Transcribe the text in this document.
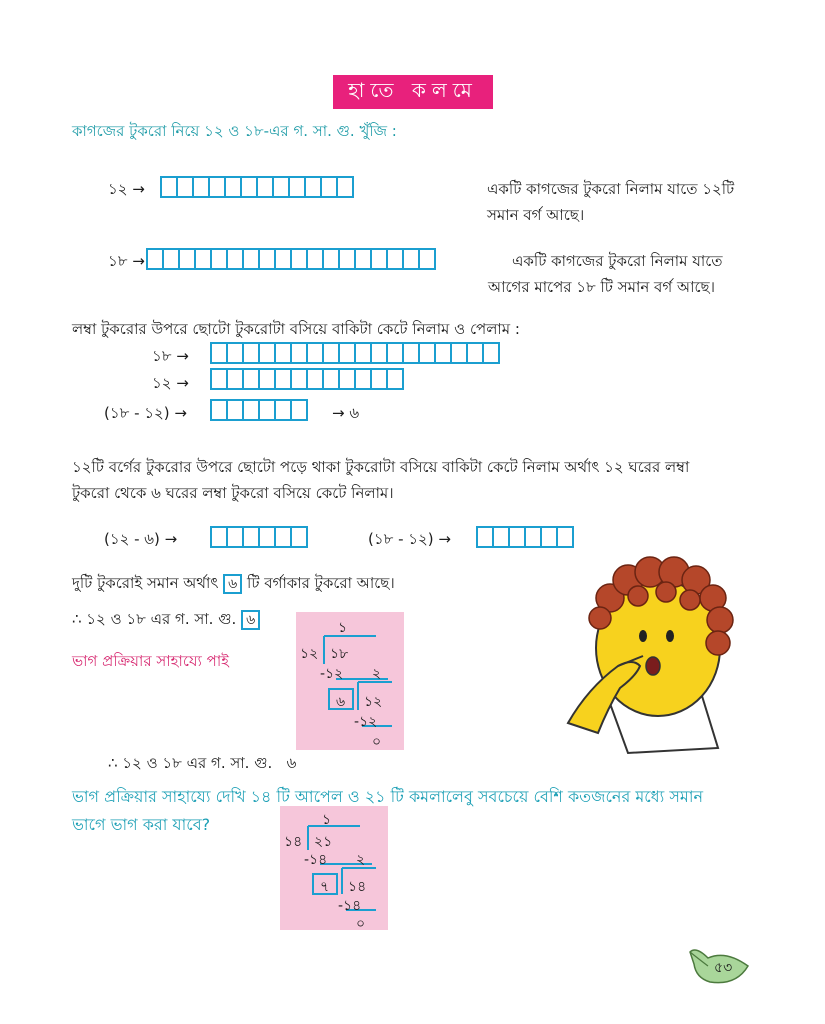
হাতে কলমে
কাগজের টুকরো নিয়ে ১২ ও ১৮-এর গ. সা. গু. খুঁজি :
১২ →	একটি কাগজের টুকরো নিলাম যাতে ১২টি
সমান বর্গ আছে।
১৮ →	একটি কাগজের টুকরো নিলাম যাতে
আগের মাপের ১৮ টি সমান বর্গ আছে।
লম্বা টুকরোর উপরে ছোটো টুকরোটা বসিয়ে বাকিটা কেটে নিলাম ও পেলাম :
১৮ →
১২ →
(১৮ - ১২) →	→ ৬
১২টি বর্গের টুকরোর উপরে ছোটো পড়ে থাকা টুকরোটা বসিয়ে বাকিটা কেটে নিলাম অর্থাৎ ১২ ঘরের লম্বা
টুকরো থেকে ৬ ঘরের লম্বা টুকরো বসিয়ে কেটে নিলাম।
(১২ - ৬) →	(১৮ - ১২) →
দুটি টুকরোই সমান অর্থাৎ ৬ টি বর্গাকার টুকরো আছে।
∴ ১২ ও ১৮ এর গ. সা. গু. ৬
ভাগ প্রক্রিয়ার সাহায্যে পাই
১
১২ ১৮
-১২ ২
৬ ১২
-১২
০
∴ ১২ ও ১৮ এর গ. সা. গু.   ৬
ভাগ প্রক্রিয়ার সাহায্যে দেখি ১৪ টি আপেল ও ২১ টি কমলালেবু সবচেয়ে বেশি কতজনের মধ্যে সমান
ভাগে ভাগ করা যাবে?	১
১৪ ২১
-১৪ ২
৭ ১৪
-১৪
০
৫৩
